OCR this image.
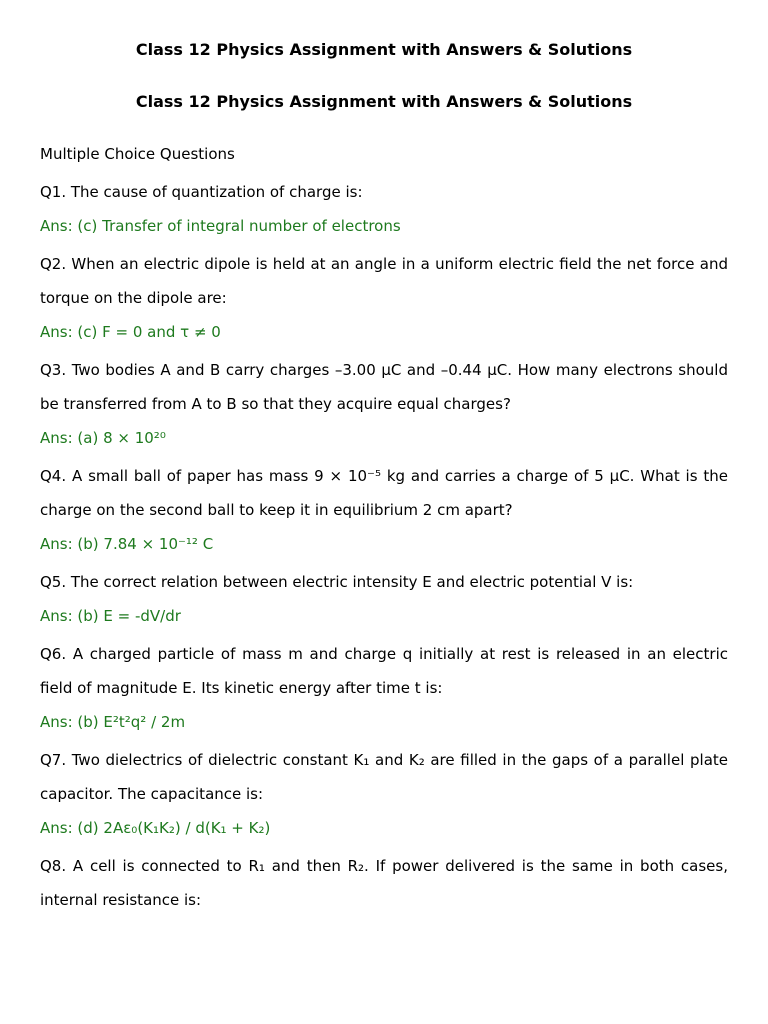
Class 12 Physics Assignment with Answers & Solutions
Class 12 Physics Assignment with Answers & Solutions

Multiple Choice Questions

Q1. The cause of quantization of charge is:

Ans: (c) Transfer of integral number of electrons

Q2. When an electric dipole is held at an angle in a uniform electric field the net force and torque on the dipole are:

Ans: (c) F = 0 and τ ≠ 0

Q3. Two bodies A and B carry charges –3.00 μC and –0.44 μC. How many electrons should be transferred from A to B so that they acquire equal charges?

Ans: (a) 8 × 10²⁰

Q4. A small ball of paper has mass 9 × 10⁻⁵ kg and carries a charge of 5 μC. What is the charge on the second ball to keep it in equilibrium 2 cm apart?

Ans: (b) 7.84 × 10⁻¹² C

Q5. The correct relation between electric intensity E and electric potential V is:

Ans: (b) E = -dV/dr

Q6. A charged particle of mass m and charge q initially at rest is released in an electric field of magnitude E. Its kinetic energy after time t is:

Ans: (b) E²t²q² / 2m

Q7. Two dielectrics of dielectric constant K₁ and K₂ are filled in the gaps of a parallel plate capacitor. The capacitance is:

Ans: (d) 2Aε₀(K₁K₂) / d(K₁ + K₂)

Q8. A cell is connected to R₁ and then R₂. If power delivered is the same in both cases, internal resistance is:
